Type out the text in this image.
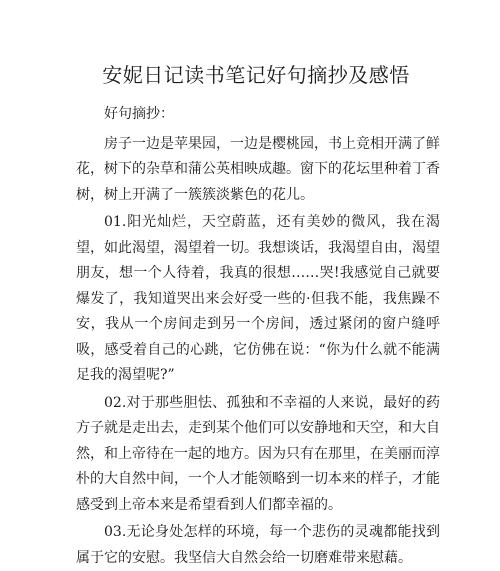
安妮日记读书笔记好句摘抄及感悟

好句摘抄：

房子一边是苹果园，一边是樱桃园，书上竞相开满了鲜花，树下的杂草和蒲公英相映成趣。窗下的花坛里种着丁香树，树上开满了一簇簇淡紫色的花儿。

01.阳光灿烂，天空蔚蓝，还有美妙的微风，我在渴望，如此渴望，渴望着一切。我想谈话，我渴望自由，渴望朋友，想一个人待着，我真的很想……哭!我感觉自己就要爆发了，我知道哭出来会好受一些的·但我不能，我焦躁不安，我从一个房间走到另一个房间，透过紧闭的窗户缝呼吸，感受着自己的心跳，它仿佛在说：“你为什么就不能满足我的渴望呢?”

02.对于那些胆怯、孤独和不幸福的人来说，最好的药方子就是走出去，走到某个他们可以安静地和天空，和大自然，和上帝待在一起的地方。因为只有在那里，在美丽而淳朴的大自然中间，一个人才能领略到一切本来的样子，才能感受到上帝本来是希望看到人们都幸福的。

03.无论身处怎样的环境，每一个悲伤的灵魂都能找到属于它的安慰。我坚信大自然会给一切磨难带来慰藉。
